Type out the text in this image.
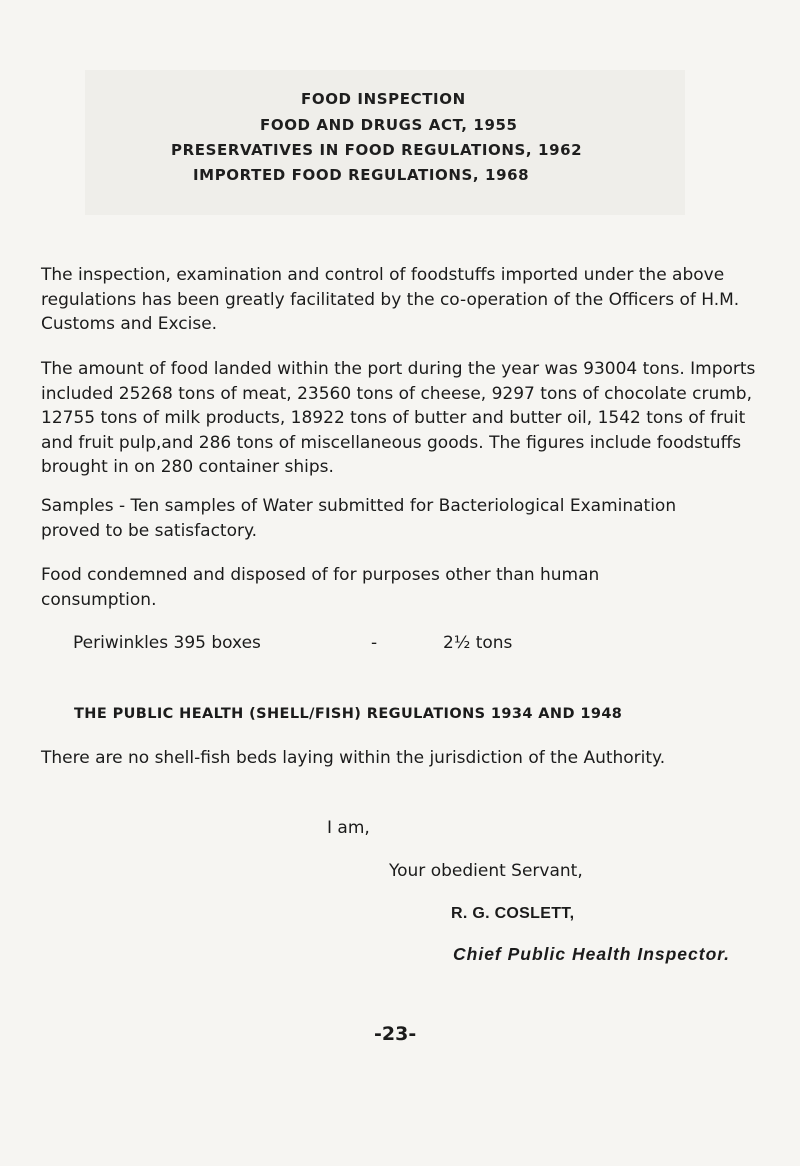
FOOD INSPECTION
FOOD AND DRUGS ACT, 1955
PRESERVATIVES IN FOOD REGULATIONS, 1962
IMPORTED FOOD REGULATIONS, 1968

The inspection, examination and control of foodstuffs imported under the above regulations has been greatly facilitated by the co-operation of the Officers of H.M. Customs and Excise.

The amount of food landed within the port during the year was 93004 tons. Imports included 25268 tons of meat, 23560 tons of cheese, 9297 tons of chocolate crumb, 12755 tons of milk products, 18922 tons of butter and butter oil, 1542 tons of fruit and fruit pulp,and 286 tons of miscellaneous goods. The figures include foodstuffs brought in on 280 container ships.

Samples - Ten samples of Water submitted for Bacteriological Examination proved to be satisfactory.

Food condemned and disposed of for purposes other than human consumption.

Periwinkles 395 boxes	-	2½ tons
THE PUBLIC HEALTH (SHELL/FISH) REGULATIONS 1934 AND 1948

There are no shell-fish beds laying within the jurisdiction of the Authority.

I am,
Your obedient Servant,
R. G. COSLETT,
Chief Public Health Inspector.
-23-
